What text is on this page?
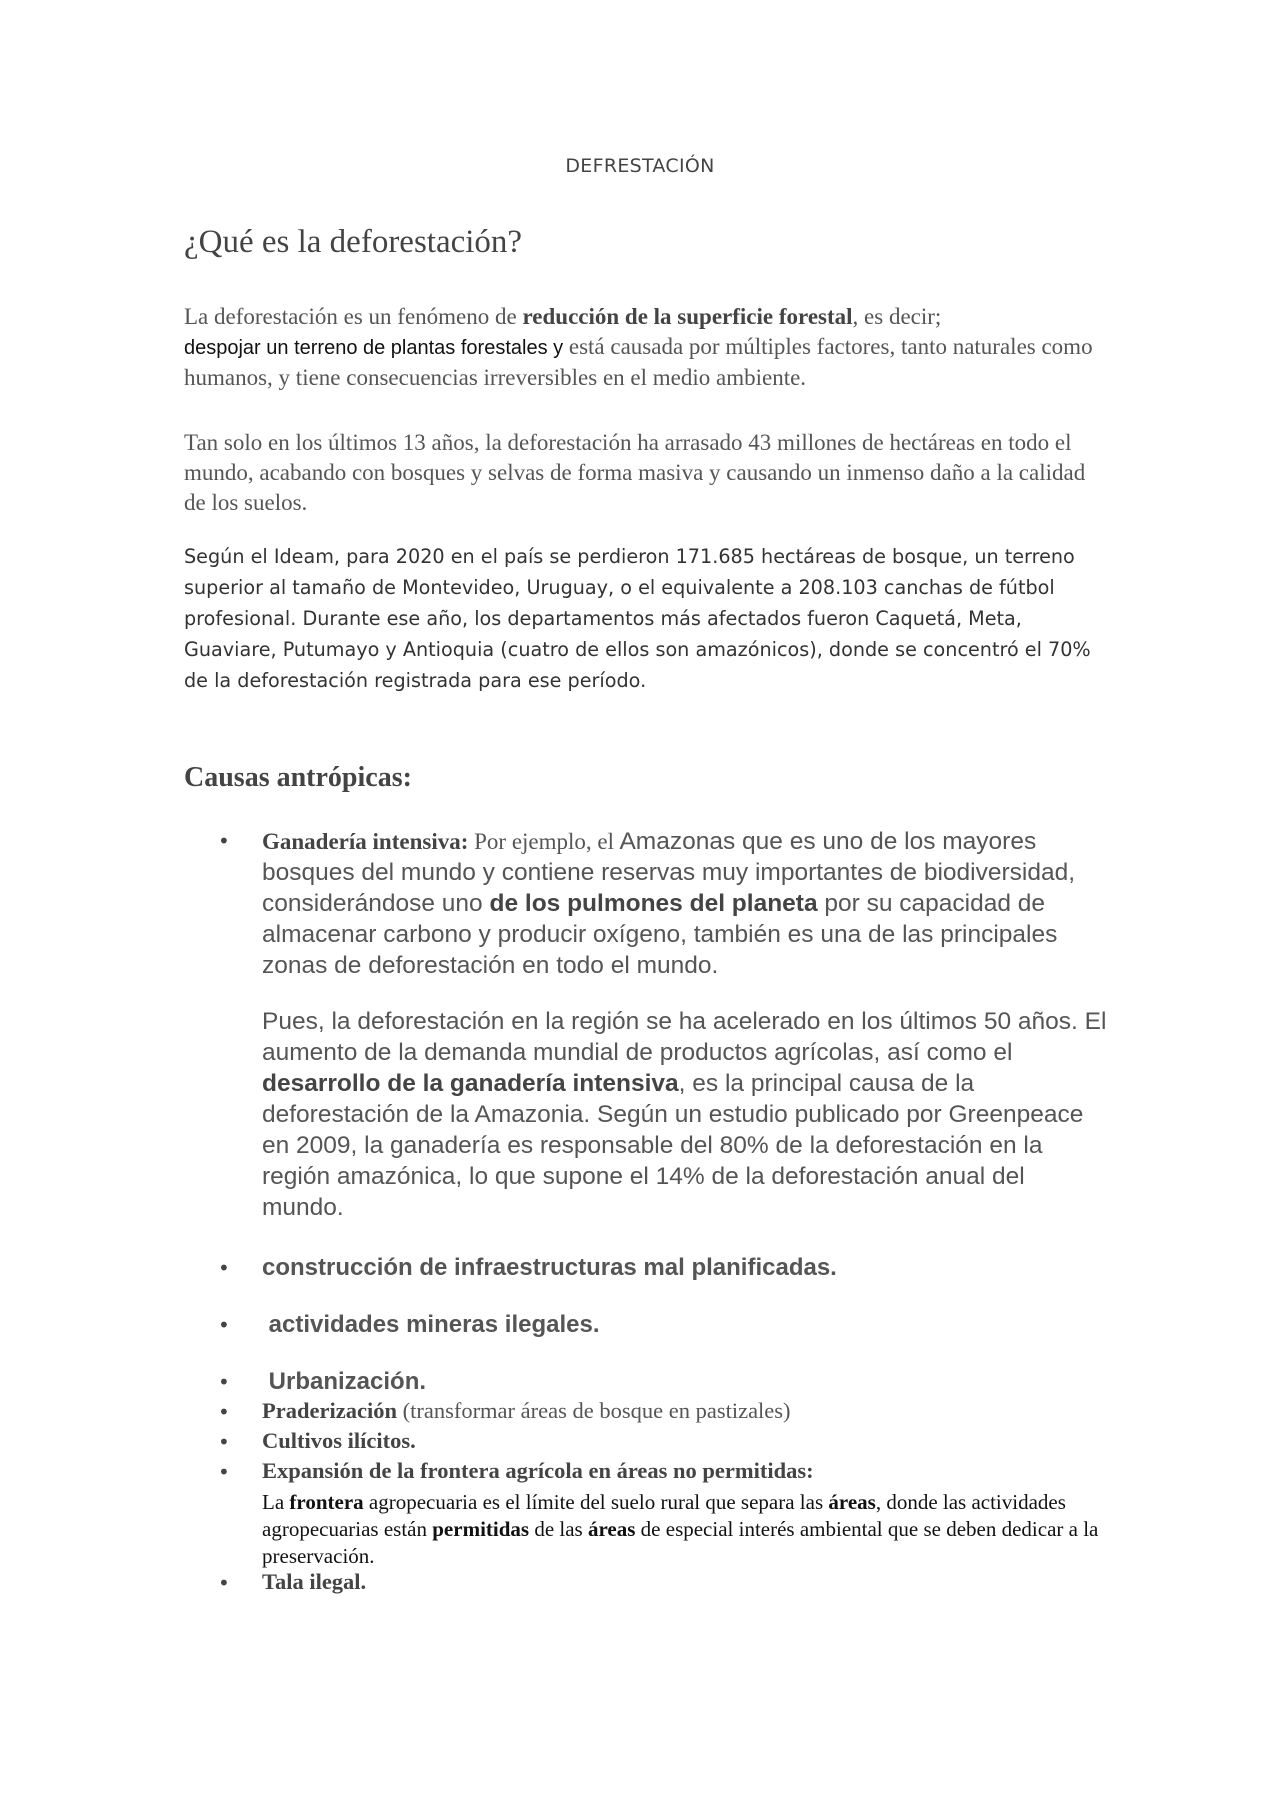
DEFRESTACIÓN
¿Qué es la deforestación?
La deforestación es un fenómeno de reducción de la superficie forestal, es decir;
despojar un terreno de plantas forestales y está causada por múltiples factores, tanto naturales como humanos, y tiene consecuencias irreversibles en el medio ambiente.
Tan solo en los últimos 13 años, la deforestación ha arrasado 43 millones de hectáreas en todo el mundo, acabando con bosques y selvas de forma masiva y causando un inmenso daño a la calidad de los suelos.
Según el Ideam, para 2020 en el país se perdieron 171.685 hectáreas de bosque, un terreno superior al tamaño de Montevideo, Uruguay, o el equivalente a 208.103 canchas de fútbol profesional. Durante ese año, los departamentos más afectados fueron Caquetá, Meta, Guaviare, Putumayo y Antioquia (cuatro de ellos son amazónicos), donde se concentró el 70% de la deforestación registrada para ese período.
Causas antrópicas:
• Ganadería intensiva: Por ejemplo, el Amazonas que es uno de los mayores bosques del mundo y contiene reservas muy importantes de biodiversidad, considerándose uno de los pulmones del planeta por su capacidad de almacenar carbono y producir oxígeno, también es una de las principales zonas de deforestación en todo el mundo.
Pues, la deforestación en la región se ha acelerado en los últimos 50 años. El aumento de la demanda mundial de productos agrícolas, así como el desarrollo de la ganadería intensiva, es la principal causa de la deforestación de la Amazonia. Según un estudio publicado por Greenpeace en 2009, la ganadería es responsable del 80% de la deforestación en la región amazónica, lo que supone el 14% de la deforestación anual del mundo.
• construcción de infraestructuras mal planificadas.
• actividades mineras ilegales.
• Urbanización.
• Praderización (transformar áreas de bosque en pastizales)
• Cultivos ilícitos.
• Expansión de la frontera agrícola en áreas no permitidas:
La frontera agropecuaria es el límite del suelo rural que separa las áreas, donde las actividades agropecuarias están permitidas de las áreas de especial interés ambiental que se deben dedicar a la preservación.
• Tala ilegal.
